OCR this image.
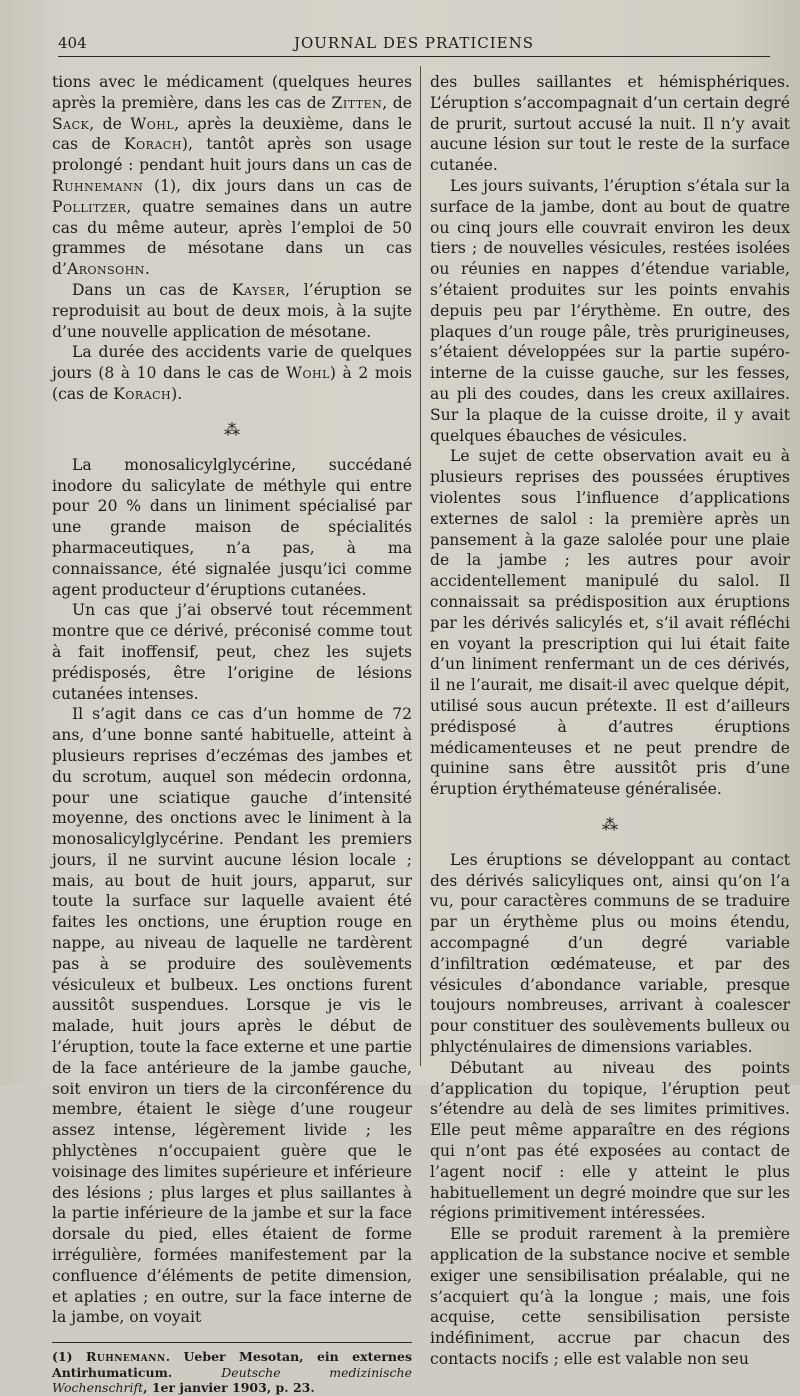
404	JOURNAL DES PRATICIENS

tions avec le médicament (quelques heures après la première, dans les cas de Zitten, de Sack, de Wohl, après la deuxième, dans le cas de Korach), tantôt après son usage prolongé : pendant huit jours dans un cas de Ruhnemann (1), dix jours dans un cas de Pollitzer, quatre semaines dans un autre cas du même auteur, après l’emploi de 50 grammes de mésotane dans un cas d’Aronsohn.

Dans un cas de Kayser, l’éruption se reproduisit au bout de deux mois, à la sujte d’une nouvelle application de mésotane.

La durée des accidents varie de quelques jours (8 à 10 dans le cas de Wohl) à 2 mois (cas de Korach).

⁂

La monosalicylglycérine, succédané inodore du salicylate de méthyle qui entre pour 20 % dans un liniment spécialisé par une grande maison de spécialités pharmaceutiques, n’a pas, à ma connaissance, été signalée jusqu’ici comme agent producteur d’éruptions cutanées.

Un cas que j’ai observé tout récemment montre que ce dérivé, préconisé comme tout à fait inoffensif, peut, chez les sujets prédisposés, être l’origine de lésions cutanées intenses.

Il s’agit dans ce cas d’un homme de 72 ans, d’une bonne santé habituelle, atteint à plusieurs reprises d’eczémas des jambes et du scrotum, auquel son médecin ordonna, pour une sciatique gauche d’intensité moyenne, des onctions avec le liniment à la monosalicylglycérine. Pendant les premiers jours, il ne survint aucune lésion locale ; mais, au bout de huit jours, apparut, sur toute la surface sur laquelle avaient été faites les onctions, une éruption rouge en nappe, au niveau de laquelle ne tardèrent pas à se produire des soulèvements vésiculeux et bulbeux. Les onctions furent aussitôt suspendues. Lorsque je vis le malade, huit jours après le début de l’éruption, toute la face externe et une partie de la face antérieure de la jambe gauche, soit environ un tiers de la circonférence du membre, étaient le siège d’une rougeur assez intense, légèrement livide ; les phlyctènes n’occupaient guère que le voisinage des limites supérieure et inférieure des lésions ; plus larges et plus saillantes à la partie inférieure de la jambe et sur la face dorsale du pied, elles étaient de forme irrégulière, formées manifestement par la confluence d’éléments de petite dimension, et aplaties ; en outre, sur la face interne de la jambe, on voyait

(1) Ruhnemann. Ueber Mesotan, ein externes Antirhumaticum. Deutsche medizinische Wochenschrift, 1er janvier 1903, p. 23.

des bulles saillantes et hémisphériques. L’éruption s’accompagnait d’un certain degré de prurit, surtout accusé la nuit. Il n’y avait aucune lésion sur tout le reste de la surface cutanée.

Les jours suivants, l’éruption s’étala sur la surface de la jambe, dont au bout de quatre ou cinq jours elle couvrait environ les deux tiers ; de nouvelles vésicules, restées isolées ou réunies en nappes d’étendue variable, s’étaient produites sur les points envahis depuis peu par l’érythème. En outre, des plaques d’un rouge pâle, très prurigineuses, s’étaient développées sur la partie supéro-interne de la cuisse gauche, sur les fesses, au pli des coudes, dans les creux axillaires. Sur la plaque de la cuisse droite, il y avait quelques ébauches de vésicules.

Le sujet de cette observation avait eu à plusieurs reprises des poussées éruptives violentes sous l’influence d’applications externes de salol : la première après un pansement à la gaze salolée pour une plaie de la jambe ; les autres pour avoir accidentellement manipulé du salol. Il connaissait sa prédisposition aux éruptions par les dérivés salicylés et, s’il avait réfléchi en voyant la prescription qui lui était faite d’un liniment renfermant un de ces dérivés, il ne l’aurait, me disait-il avec quelque dépit, utilisé sous aucun prétexte. Il est d’ailleurs prédisposé à d’autres éruptions médicamenteuses et ne peut prendre de quinine sans être aussitôt pris d’une éruption érythémateuse généralisée.

⁂

Les éruptions se développant au contact des dérivés salicyliques ont, ainsi qu’on l’a vu, pour caractères communs de se traduire par un érythème plus ou moins étendu, accompagné d’un degré variable d’infiltration œdémateuse, et par des vésicules d’abondance variable, presque toujours nombreuses, arrivant à coalescer pour constituer des soulèvements bulleux ou phlycténulaires de dimensions variables.

Débutant au niveau des points d’application du topique, l’éruption peut s’étendre au delà de ses limites primitives. Elle peut même apparaître en des régions qui n’ont pas été exposées au contact de l’agent nocif : elle y atteint le plus habituellement un degré moindre que sur les régions primitivement intéressées.

Elle se produit rarement à la première application de la substance nocive et semble exiger une sensibilisation préalable, qui ne s’acquiert qu’à la longue ; mais, une fois acquise, cette sensibilisation persiste indéfiniment, accrue par chacun des contacts nocifs ; elle est valable non seu
